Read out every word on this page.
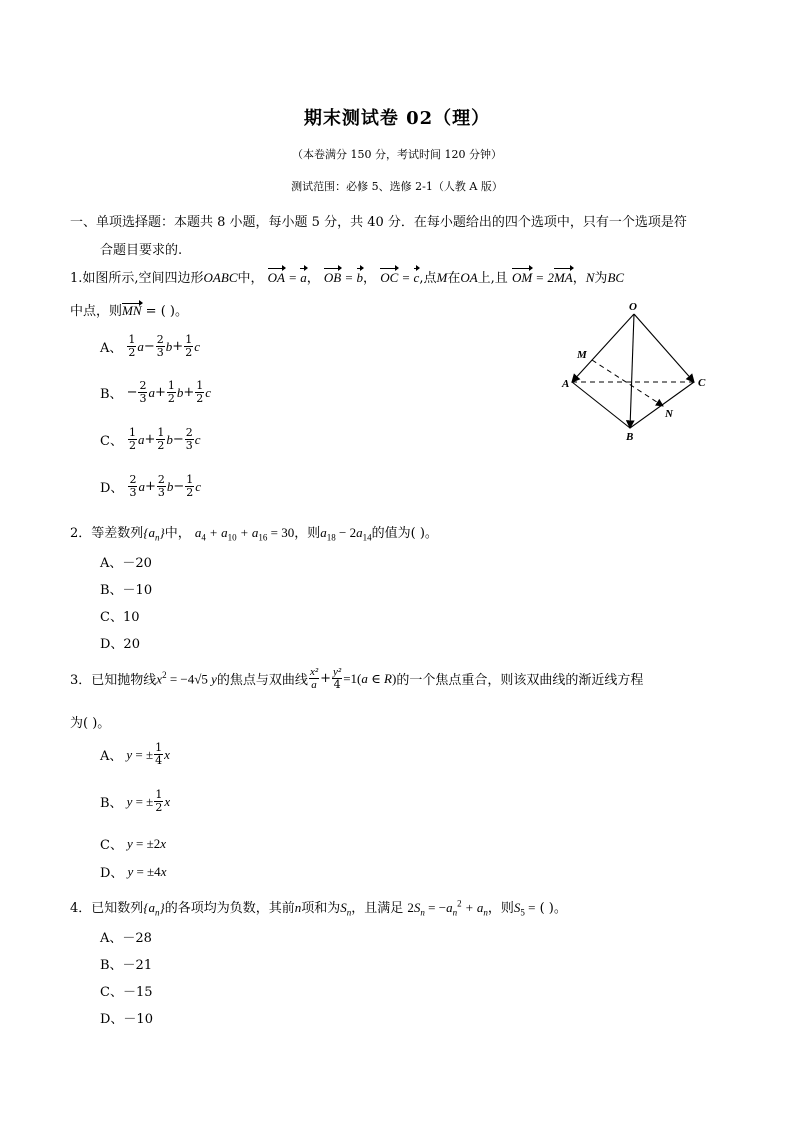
期末测试卷 02（理）
（本卷满分 150 分，考试时间 120 分钟）
测试范围：必修 5、选修 2-1（人教 A 版）
一、单项选择题：本题共 8 小题，每小题 5 分，共 40 分．在每小题给出的四个选项中，只有一个选项是符
合题目要求的.
1.如图所示,空间四边形OABC中， OA = a， OB = b， OC = c,点M在OA上,且 OM = 2MA，N为BC
中点，则MN = ( )。
A、 $\frac{1}{2}$ $a - \frac{2}{3}$ $b + \frac{1}{2}$ c
B、 − $\frac{2}{3}$ $a + \frac{1}{2}$ $b + \frac{1}{2}$ c
C、 $\frac{1}{2}$ $a + \frac{1}{2}$ $b - \frac{2}{3}$ c
D、 $\frac{2}{3}$ $a + \frac{2}{3}$ $b - \frac{1}{2}$ c
O
M
A	C
N
B
2．等差数列$\{a_n\}$中， $a_4 + a_{10} + a_{16} = 30$，则$a_{18} - 2a_{14}$的值为( )。
A、－20
B、－10
C、10
D、20
3． 已知抛物线 $x^2 = -4√5$ y 的焦点与双曲线 $\frac{\text{x²}}{a} + \frac{\text{y²}}{4} =1(a$ ∈ R) 的一个焦点重合，则该双曲线的渐近线方程
为( )。
A、 y = ± $\frac{1}{4}$ x
B、 y = ± $\frac{1}{2}$ x
C、 y = ±2x
D、 y = ±4x
4．已知数列$\{a_n\}$的各项均为负数，其前n项和为$S_n$，且满足 $2S_n = -a_n^2 + a_n$，则$S_5$ = ( )。
A、－28
B、－21
C、－15
D、－10
